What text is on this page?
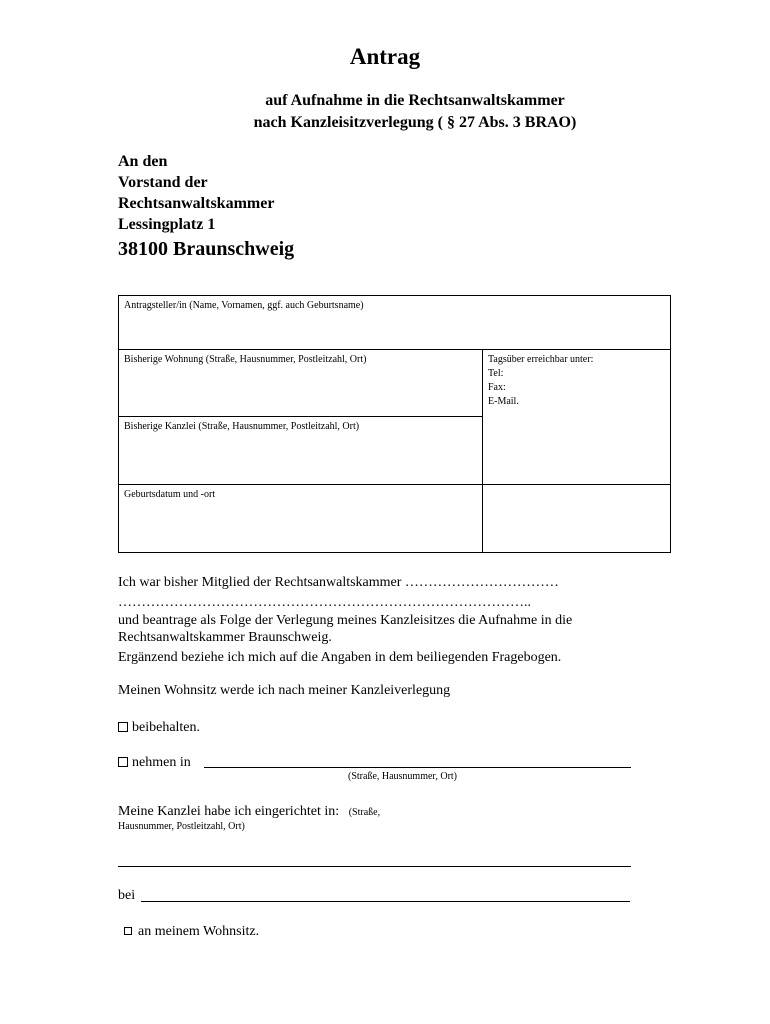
Antrag
auf Aufnahme in die Rechtsanwaltskammer
nach Kanzleisitzverlegung ( § 27 Abs. 3 BRAO)
An den
Vorstand der
Rechtsanwaltskammer
Lessingplatz 1
38100 Braunschweig
Antragsteller/in (Name, Vornamen, ggf. auch Geburtsname)	
Bisherige Wohnung (Straße, Hausnummer, Postleitzahl, Ort)	Tagsüber erreichbar unter:
Tel:
Fax:
E-Mail.

Bisherige Kanzlei (Straße, Hausnummer, Postleitzahl, Ort)	
Geburtsdatum und -ort	
Ich war bisher Mitglied der Rechtsanwaltskammer ……………………………
……………………………………………………………………………..
und beantrage als Folge der Verlegung meines Kanzleisitzes die Aufnahme in die
Rechtsanwaltskammer Braunschweig.
Ergänzend beziehe ich mich auf die Angaben in dem beiliegenden Fragebogen.
Meinen Wohnsitz werde ich nach meiner Kanzleiverlegung
beibehalten.
nehmen in
(Straße, Hausnummer, Ort)
Meine Kanzlei habe ich eingerichtet in: (Straße,
Hausnummer, Postleitzahl, Ort)
bei
an meinem Wohnsitz.
